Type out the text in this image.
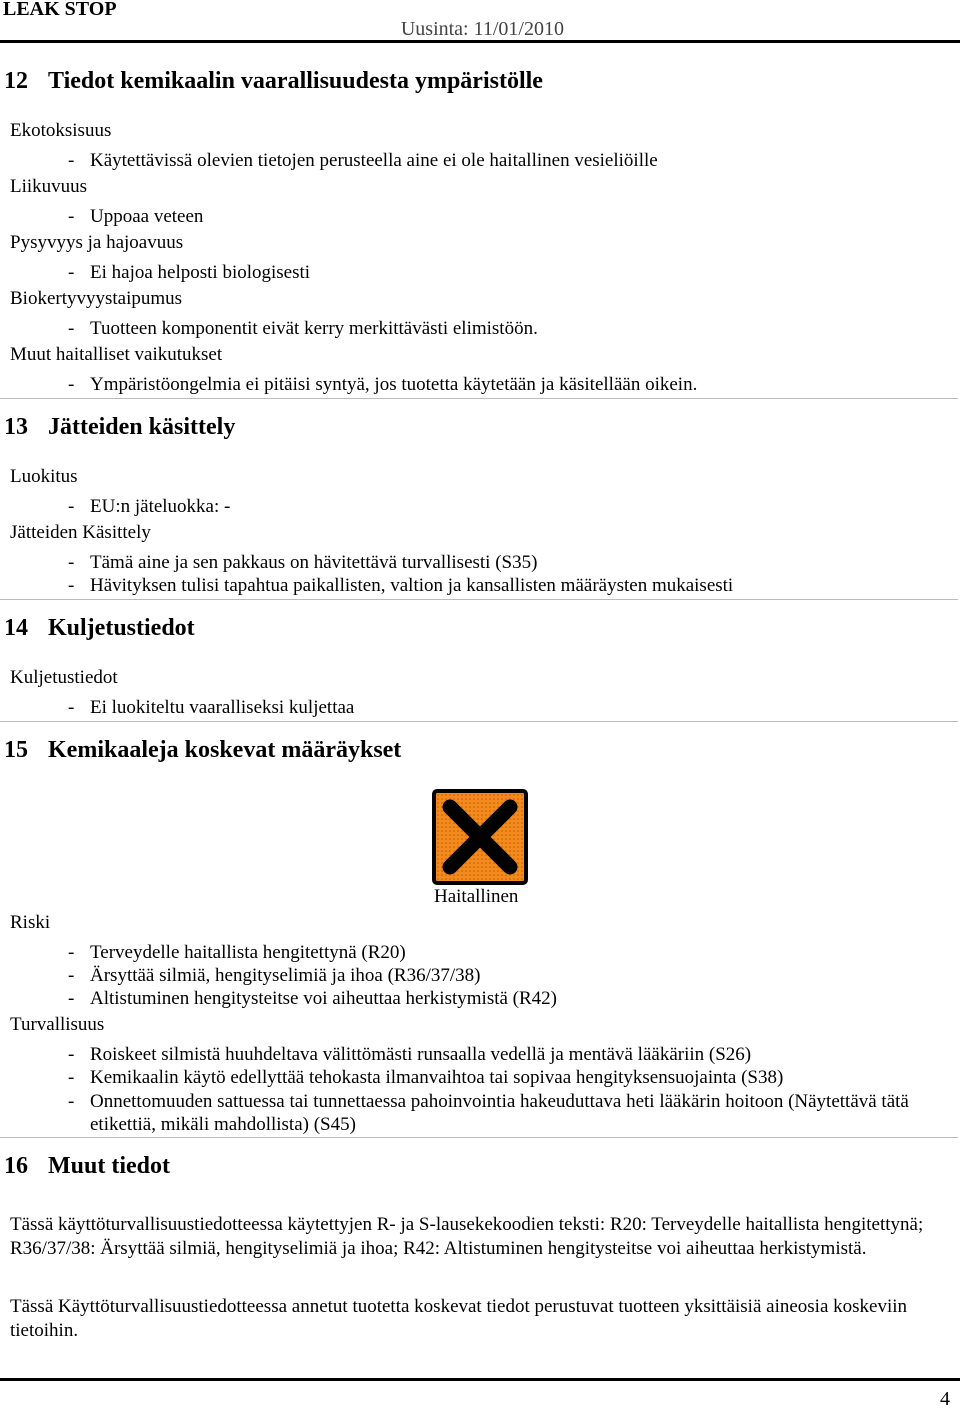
LEAK STOP
Uusinta: 11/01/2010
12 Tiedot kemikaalin vaarallisuudesta ympäristölle
Ekotoksisuus
- Käytettävissä olevien tietojen perusteella aine ei ole haitallinen vesieliöille
Liikuvuus
- Uppoaa veteen
Pysyvyys ja hajoavuus
- Ei hajoa helposti biologisesti
Biokertyvyystaipumus
- Tuotteen komponentit eivät kerry merkittävästi elimistöön.
Muut haitalliset vaikutukset
- Ympäristöongelmia ei pitäisi syntyä, jos tuotetta käytetään ja käsitellään oikein.
13 Jätteiden käsittely
Luokitus
- EU:n jäteluokka: -
Jätteiden Käsittely
- Tämä aine ja sen pakkaus on hävitettävä turvallisesti (S35)
- Hävityksen tulisi tapahtua paikallisten, valtion ja kansallisten määräysten mukaisesti
14 Kuljetustiedot
Kuljetustiedot
- Ei luokiteltu vaaralliseksi kuljettaa
15 Kemikaaleja koskevat määräykset
Haitallinen
Riski
- Terveydelle haitallista hengitettynä (R20)
- Ärsyttää silmiä, hengityselimiä ja ihoa (R36/37/38)
- Altistuminen hengitysteitse voi aiheuttaa herkistymistä (R42)
Turvallisuus
- Roiskeet silmistä huuhdeltava välittömästi runsaalla vedellä ja mentävä lääkäriin (S26)
- Kemikaalin käytö edellyttää tehokasta ilmanvaihtoa tai sopivaa hengityksensuojainta (S38)
- Onnettomuuden sattuessa tai tunnettaessa pahoinvointia hakeuduttava heti lääkärin hoitoon (Näytettävä tätä etikettiä, mikäli mahdollista) (S45)
16 Muut tiedot
Tässä käyttöturvallisuustiedotteessa käytettyjen R- ja S-lausekekoodien teksti: R20: Terveydelle haitallista hengitettynä; R36/37/38: Ärsyttää silmiä, hengityselimiä ja ihoa; R42: Altistuminen hengitysteitse voi aiheuttaa herkistymistä.
Tässä Käyttöturvallisuustiedotteessa annetut tuotetta koskevat tiedot perustuvat tuotteen yksittäisiä aineosia koskeviin tietoihin.
4
